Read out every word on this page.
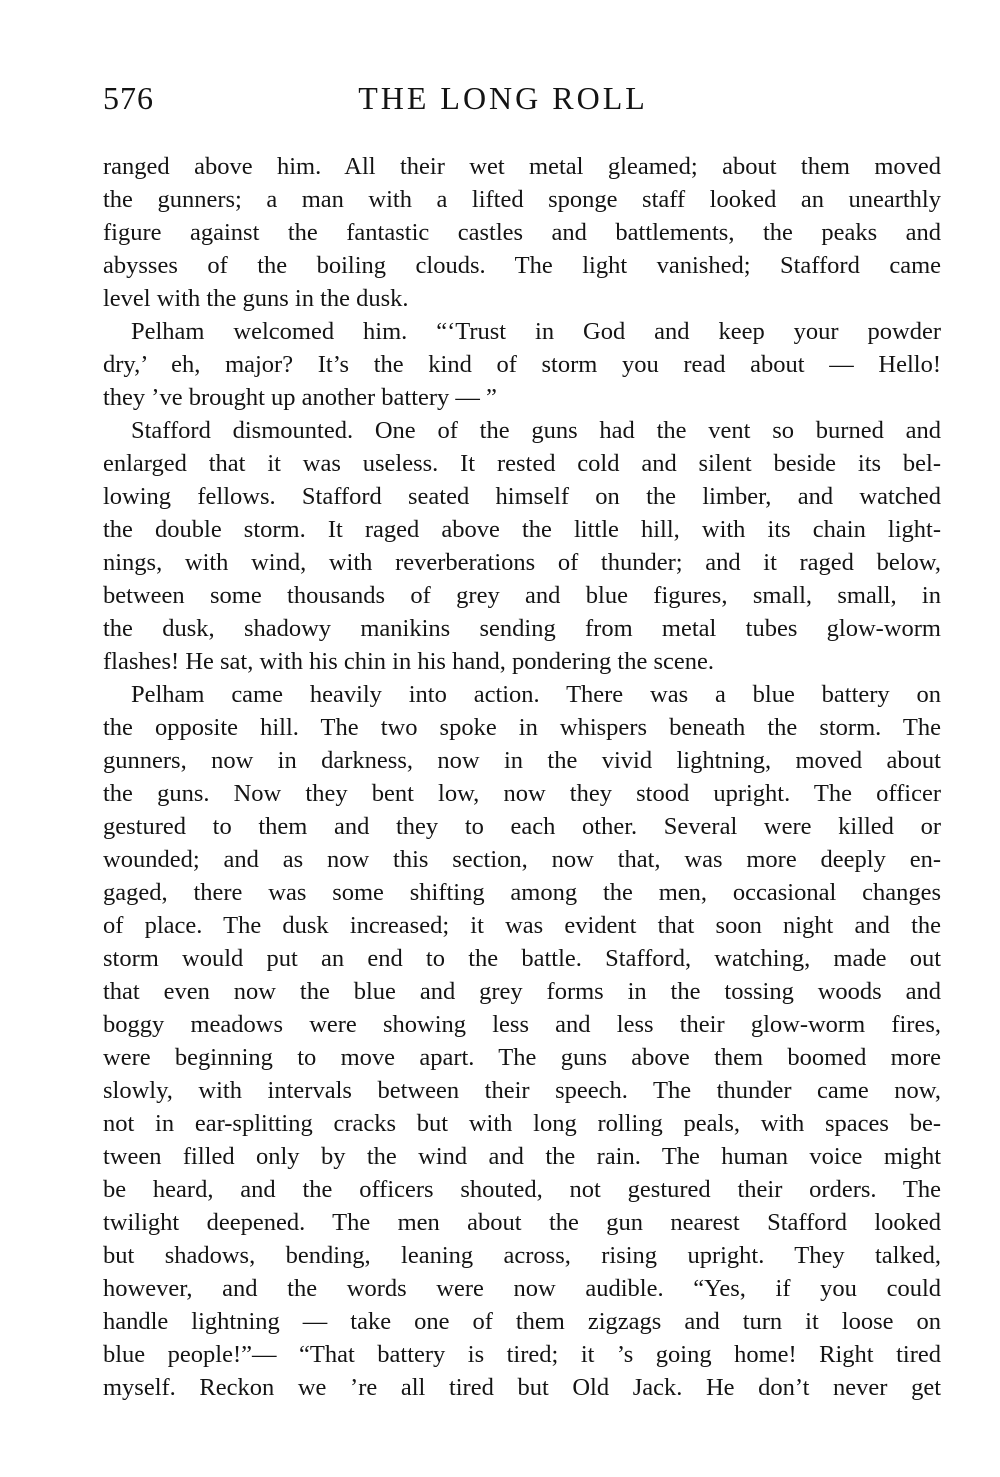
576	THE LONG ROLL
ranged above him. All their wet metal gleamed; about them moved
the gunners; a man with a lifted sponge staff looked an unearthly
figure against the fantastic castles and battlements, the peaks and
abysses of the boiling clouds. The light vanished; Stafford came
level with the guns in the dusk.
Pelham welcomed him. “‘Trust in God and keep your powder
dry,’ eh, major? It’s the kind of storm you read about — Hello!
they ’ve brought up another battery — ”
Stafford dismounted. One of the guns had the vent so burned and
enlarged that it was useless. It rested cold and silent beside its bel-
lowing fellows. Stafford seated himself on the limber, and watched
the double storm. It raged above the little hill, with its chain light-
nings, with wind, with reverberations of thunder; and it raged below,
between some thousands of grey and blue figures, small, small, in
the dusk, shadowy manikins sending from metal tubes glow-worm
flashes! He sat, with his chin in his hand, pondering the scene.
Pelham came heavily into action. There was a blue battery on
the opposite hill. The two spoke in whispers beneath the storm. The
gunners, now in darkness, now in the vivid lightning, moved about
the guns. Now they bent low, now they stood upright. The officer
gestured to them and they to each other. Several were killed or
wounded; and as now this section, now that, was more deeply en-
gaged, there was some shifting among the men, occasional changes
of place. The dusk increased; it was evident that soon night and the
storm would put an end to the battle. Stafford, watching, made out
that even now the blue and grey forms in the tossing woods and
boggy meadows were showing less and less their glow-worm fires,
were beginning to move apart. The guns above them boomed more
slowly, with intervals between their speech. The thunder came now,
not in ear-splitting cracks but with long rolling peals, with spaces be-
tween filled only by the wind and the rain. The human voice might
be heard, and the officers shouted, not gestured their orders. The
twilight deepened. The men about the gun nearest Stafford looked
but shadows, bending, leaning across, rising upright. They talked,
however, and the words were now audible. “Yes, if you could
handle lightning — take one of them zigzags and turn it loose on
blue people!”— “That battery is tired; it ’s going home! Right tired
myself. Reckon we ’re all tired but Old Jack. He don’t never get
